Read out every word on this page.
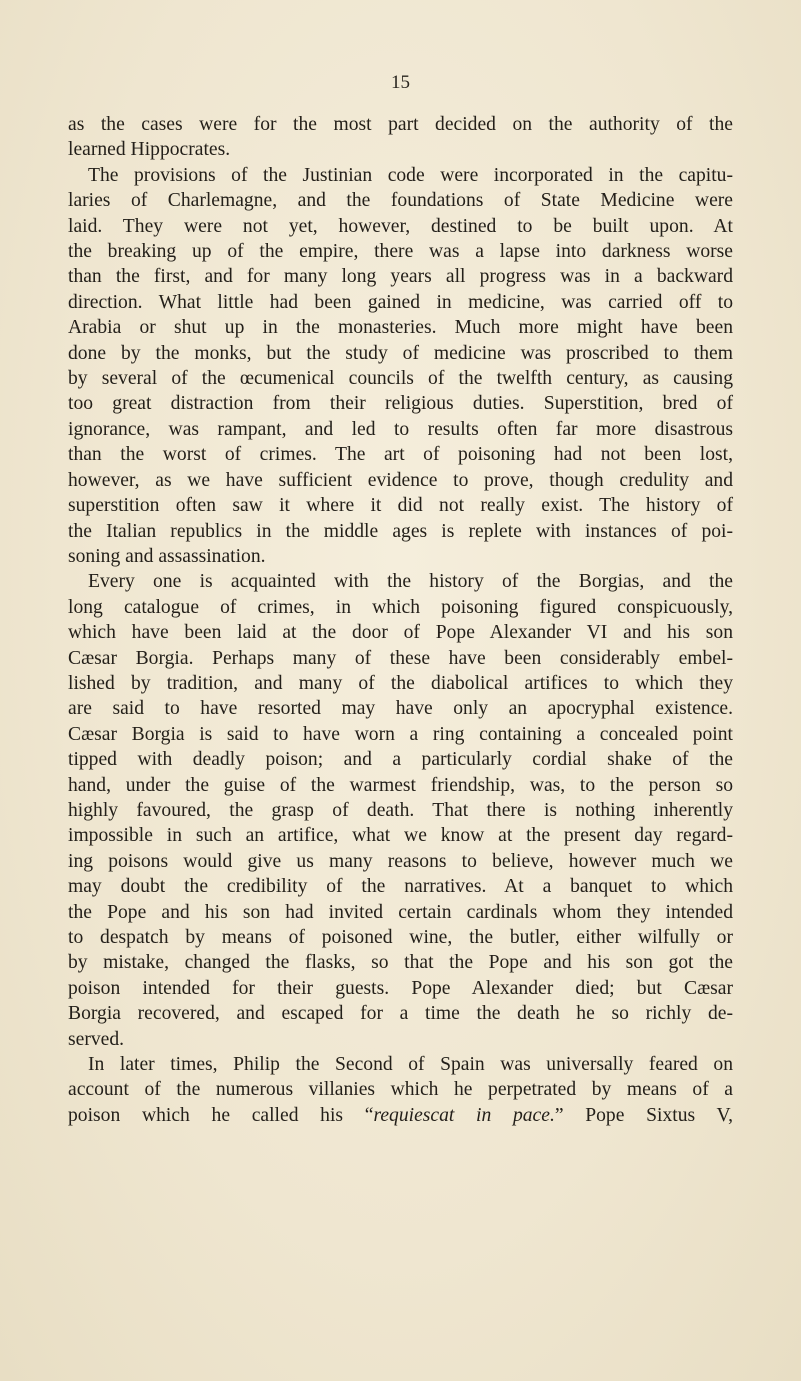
15

as the cases were for the most part decided on the authority of the
learned Hippocrates.

The provisions of the Justinian code were incorporated in the capitu-
laries of Charlemagne, and the foundations of State Medicine were
laid. They were not yet, however, destined to be built upon. At
the breaking up of the empire, there was a lapse into darkness worse
than the first, and for many long years all progress was in a backward
direction. What little had been gained in medicine, was carried off to
Arabia or shut up in the monasteries. Much more might have been
done by the monks, but the study of medicine was proscribed to them
by several of the œcumenical councils of the twelfth century, as causing
too great distraction from their religious duties. Superstition, bred of
ignorance, was rampant, and led to results often far more disastrous
than the worst of crimes. The art of poisoning had not been lost,
however, as we have sufficient evidence to prove, though credulity and
superstition often saw it where it did not really exist. The history of
the Italian republics in the middle ages is replete with instances of poi-
soning and assassination.

Every one is acquainted with the history of the Borgias, and the
long catalogue of crimes, in which poisoning figured conspicuously,
which have been laid at the door of Pope Alexander VI and his son
Cæsar Borgia. Perhaps many of these have been considerably embel-
lished by tradition, and many of the diabolical artifices to which they
are said to have resorted may have only an apocryphal existence.
Cæsar Borgia is said to have worn a ring containing a concealed point
tipped with deadly poison; and a particularly cordial shake of the
hand, under the guise of the warmest friendship, was, to the person so
highly favoured, the grasp of death. That there is nothing inherently
impossible in such an artifice, what we know at the present day regard-
ing poisons would give us many reasons to believe, however much we
may doubt the credibility of the narratives. At a banquet to which
the Pope and his son had invited certain cardinals whom they intended
to despatch by means of poisoned wine, the butler, either wilfully or
by mistake, changed the flasks, so that the Pope and his son got the
poison intended for their guests. Pope Alexander died; but Cæsar
Borgia recovered, and escaped for a time the death he so richly de-
served.

In later times, Philip the Second of Spain was universally feared on
account of the numerous villanies which he perpetrated by means of a
poison which he called his “requiescat in pace.” Pope Sixtus V,
